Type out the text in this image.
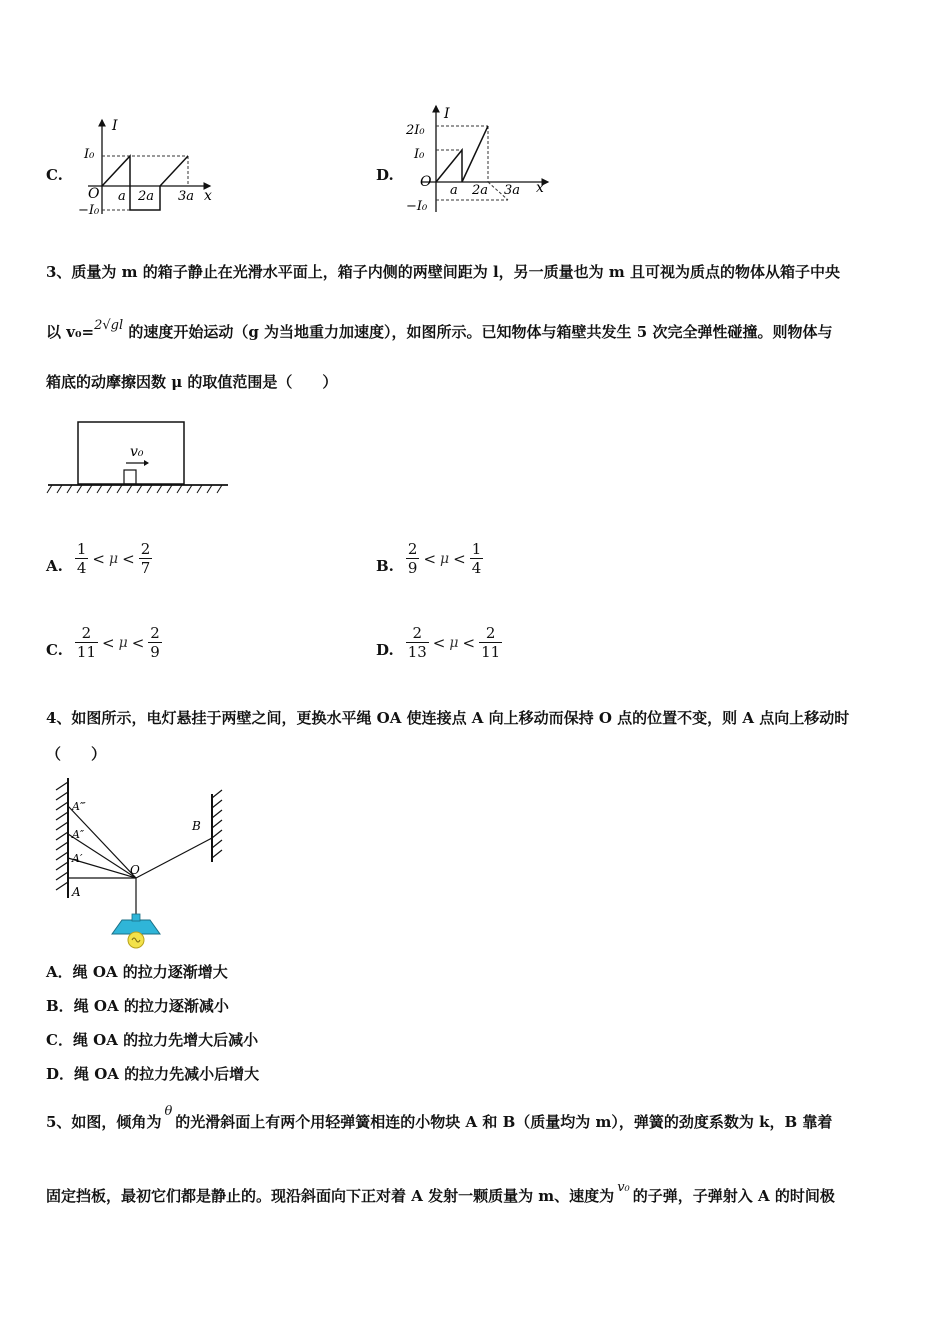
C.
I
x
O
I₀
−I₀
a 2a 3a
D.
I
x
O
2I₀
I₀
−I₀
a 2a 3a
3、质量为 m 的箱子静止在光滑水平面上，箱子内侧的两壁间距为 l，另一质量也为 m 且可视为质点的物体从箱子中央
以 v₀=2√gl 的速度开始运动（g 为当地重力加速度），如图所示。已知物体与箱壁共发生 5 次完全弹性碰撞。则物体与
箱底的动摩擦因数 μ 的取值范围是（　　）
v₀
A. $\frac{1}{4} < \mu < \frac{2}{7}$	B. $\frac{2}{9} < \mu < \frac{1}{4}$
C. $\frac{2}{11} < \mu < \frac{2}{9}$	D. $\frac{2}{13} < \mu < \frac{2}{11}$
4、如图所示，电灯悬挂于两壁之间，更换水平绳 OA 使连接点 A 向上移动而保持 O 点的位置不变，则 A 点向上移动时
（　　）
A‴
A″
A′
A
O
B
A．绳 OA 的拉力逐渐增大
B．绳 OA 的拉力逐渐减小
C．绳 OA 的拉力先增大后减小
D．绳 OA 的拉力先减小后增大
5、如图，倾角为θ的光滑斜面上有两个用轻弹簧相连的小物块 A 和 B（质量均为 m），弹簧的劲度系数为 k，B 靠着
固定挡板，最初它们都是静止的。现沿斜面向下正对着 A 发射一颗质量为 m、速度为 v₀ 的子弹，子弹射入 A 的时间极
